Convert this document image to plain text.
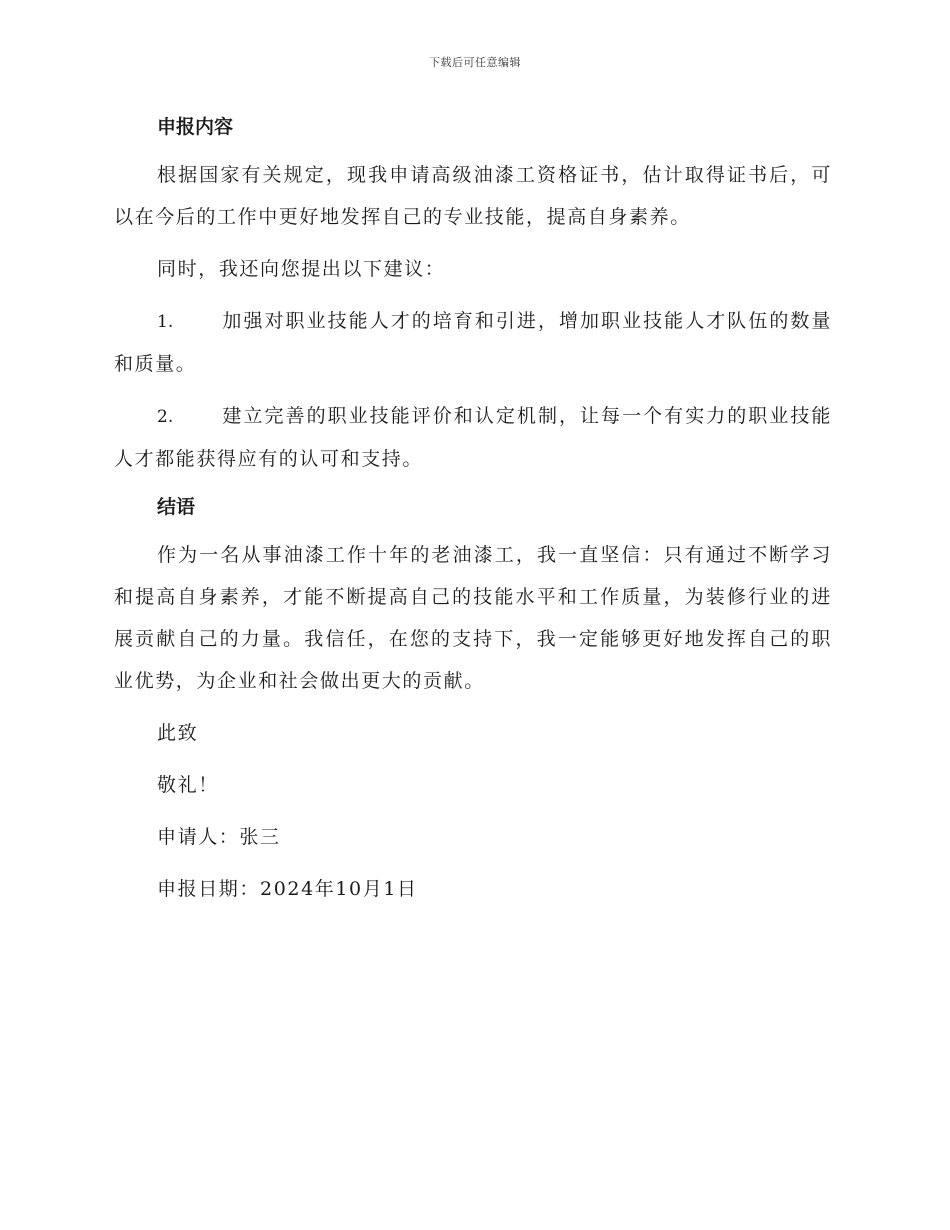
下载后可任意编辑
申报内容

根据国家有关规定，现我申请高级油漆工资格证书，估计取得证书后，可以在今后的工作中更好地发挥自己的专业技能，提高自身素养。

同时，我还向您提出以下建议：

1.	加强对职业技能人才的培育和引进，增加职业技能人才队伍的数量和质量。

2.	建立完善的职业技能评价和认定机制，让每一个有实力的职业技能人才都能获得应有的认可和支持。

结语

作为一名从事油漆工作十年的老油漆工，我一直坚信：只有通过不断学习和提高自身素养，才能不断提高自己的技能水平和工作质量，为装修行业的进展贡献自己的力量。我信任，在您的支持下，我一定能够更好地发挥自己的职业优势，为企业和社会做出更大的贡献。

此致

敬礼！

申请人：张三

申报日期：2024年10月1日
